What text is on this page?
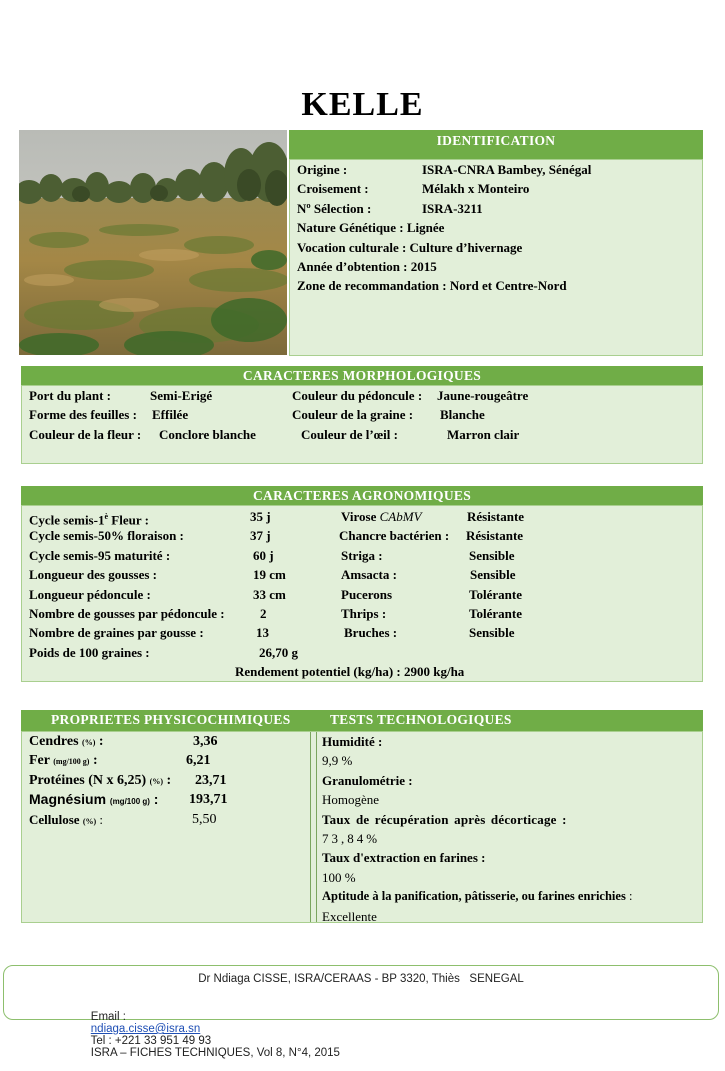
KELLE
IDENTIFICATION
Origine :	ISRA-CNRA Bambey, Sénégal
Croisement :	Mélakh x Monteiro
Nº Sélection :	ISRA-3211
Nature Génétique : Lignée
Vocation culturale : Culture d’hivernage
Année d’obtention : 2015
Zone de recommandation : Nord et Centre-Nord
CARACTERES MORPHOLOGIQUES
Port du plant :	Semi-Erigé	Couleur du pédoncule : Jaune-rougeâtre
Forme des feuilles : Effilée	Couleur de la graine : Blanche
Couleur de la fleur : Conclore blanche	Couleur de l’œil :	Marron clair
CARACTERES AGRONOMIQUES
Cycle semis-$1^è$ Fleur :	35 j	Virose CAbMV	Résistante
Cycle semis-50% floraison :	37 j	Chancre bactérien : Résistante
Cycle semis-95 maturité :	60 j	Striga :	Sensible
Longueur des gousses :	19 cm	Amsacta :	Sensible
Longueur pédoncule :	33 cm	Pucerons	Tolérante
Nombre de gousses par pédoncule :	2	Thrips :	Tolérante
Nombre de graines par gousse :	13	Bruches :	Sensible
Poids de 100 graines :	26,70 g
Rendement potentiel (kg/ha) : 2900 kg/ha
PROPRIETES PHYSICOCHIMIQUES	TESTS TECHNOLOGIQUES
Cendres (%) :	3,36
Fer (mg/100 g) :	6,21
Protéines (N x 6,25) (%) : 23,71
Magnésium (mg/100 g) : 193,71
Cellulose (%) :	5,50
Humidité :
9,9 %
Granulométrie :
Homogène
Taux de récupération après décorticage :
73,84%
Taux d'extraction en farines :
100 %
Aptitude à la panification, pâtisserie, ou farines enrichies :
Excellente
Dr Ndiaga CISSE, ISRA/CERAAS - BP 3320, Thiès   SENEGAL

Email :
ndiaga.cisse@isra.sn
Tel : +221 33 951 49 93
ISRA – FICHES TECHNIQUES, Vol 8, N°4, 2015
